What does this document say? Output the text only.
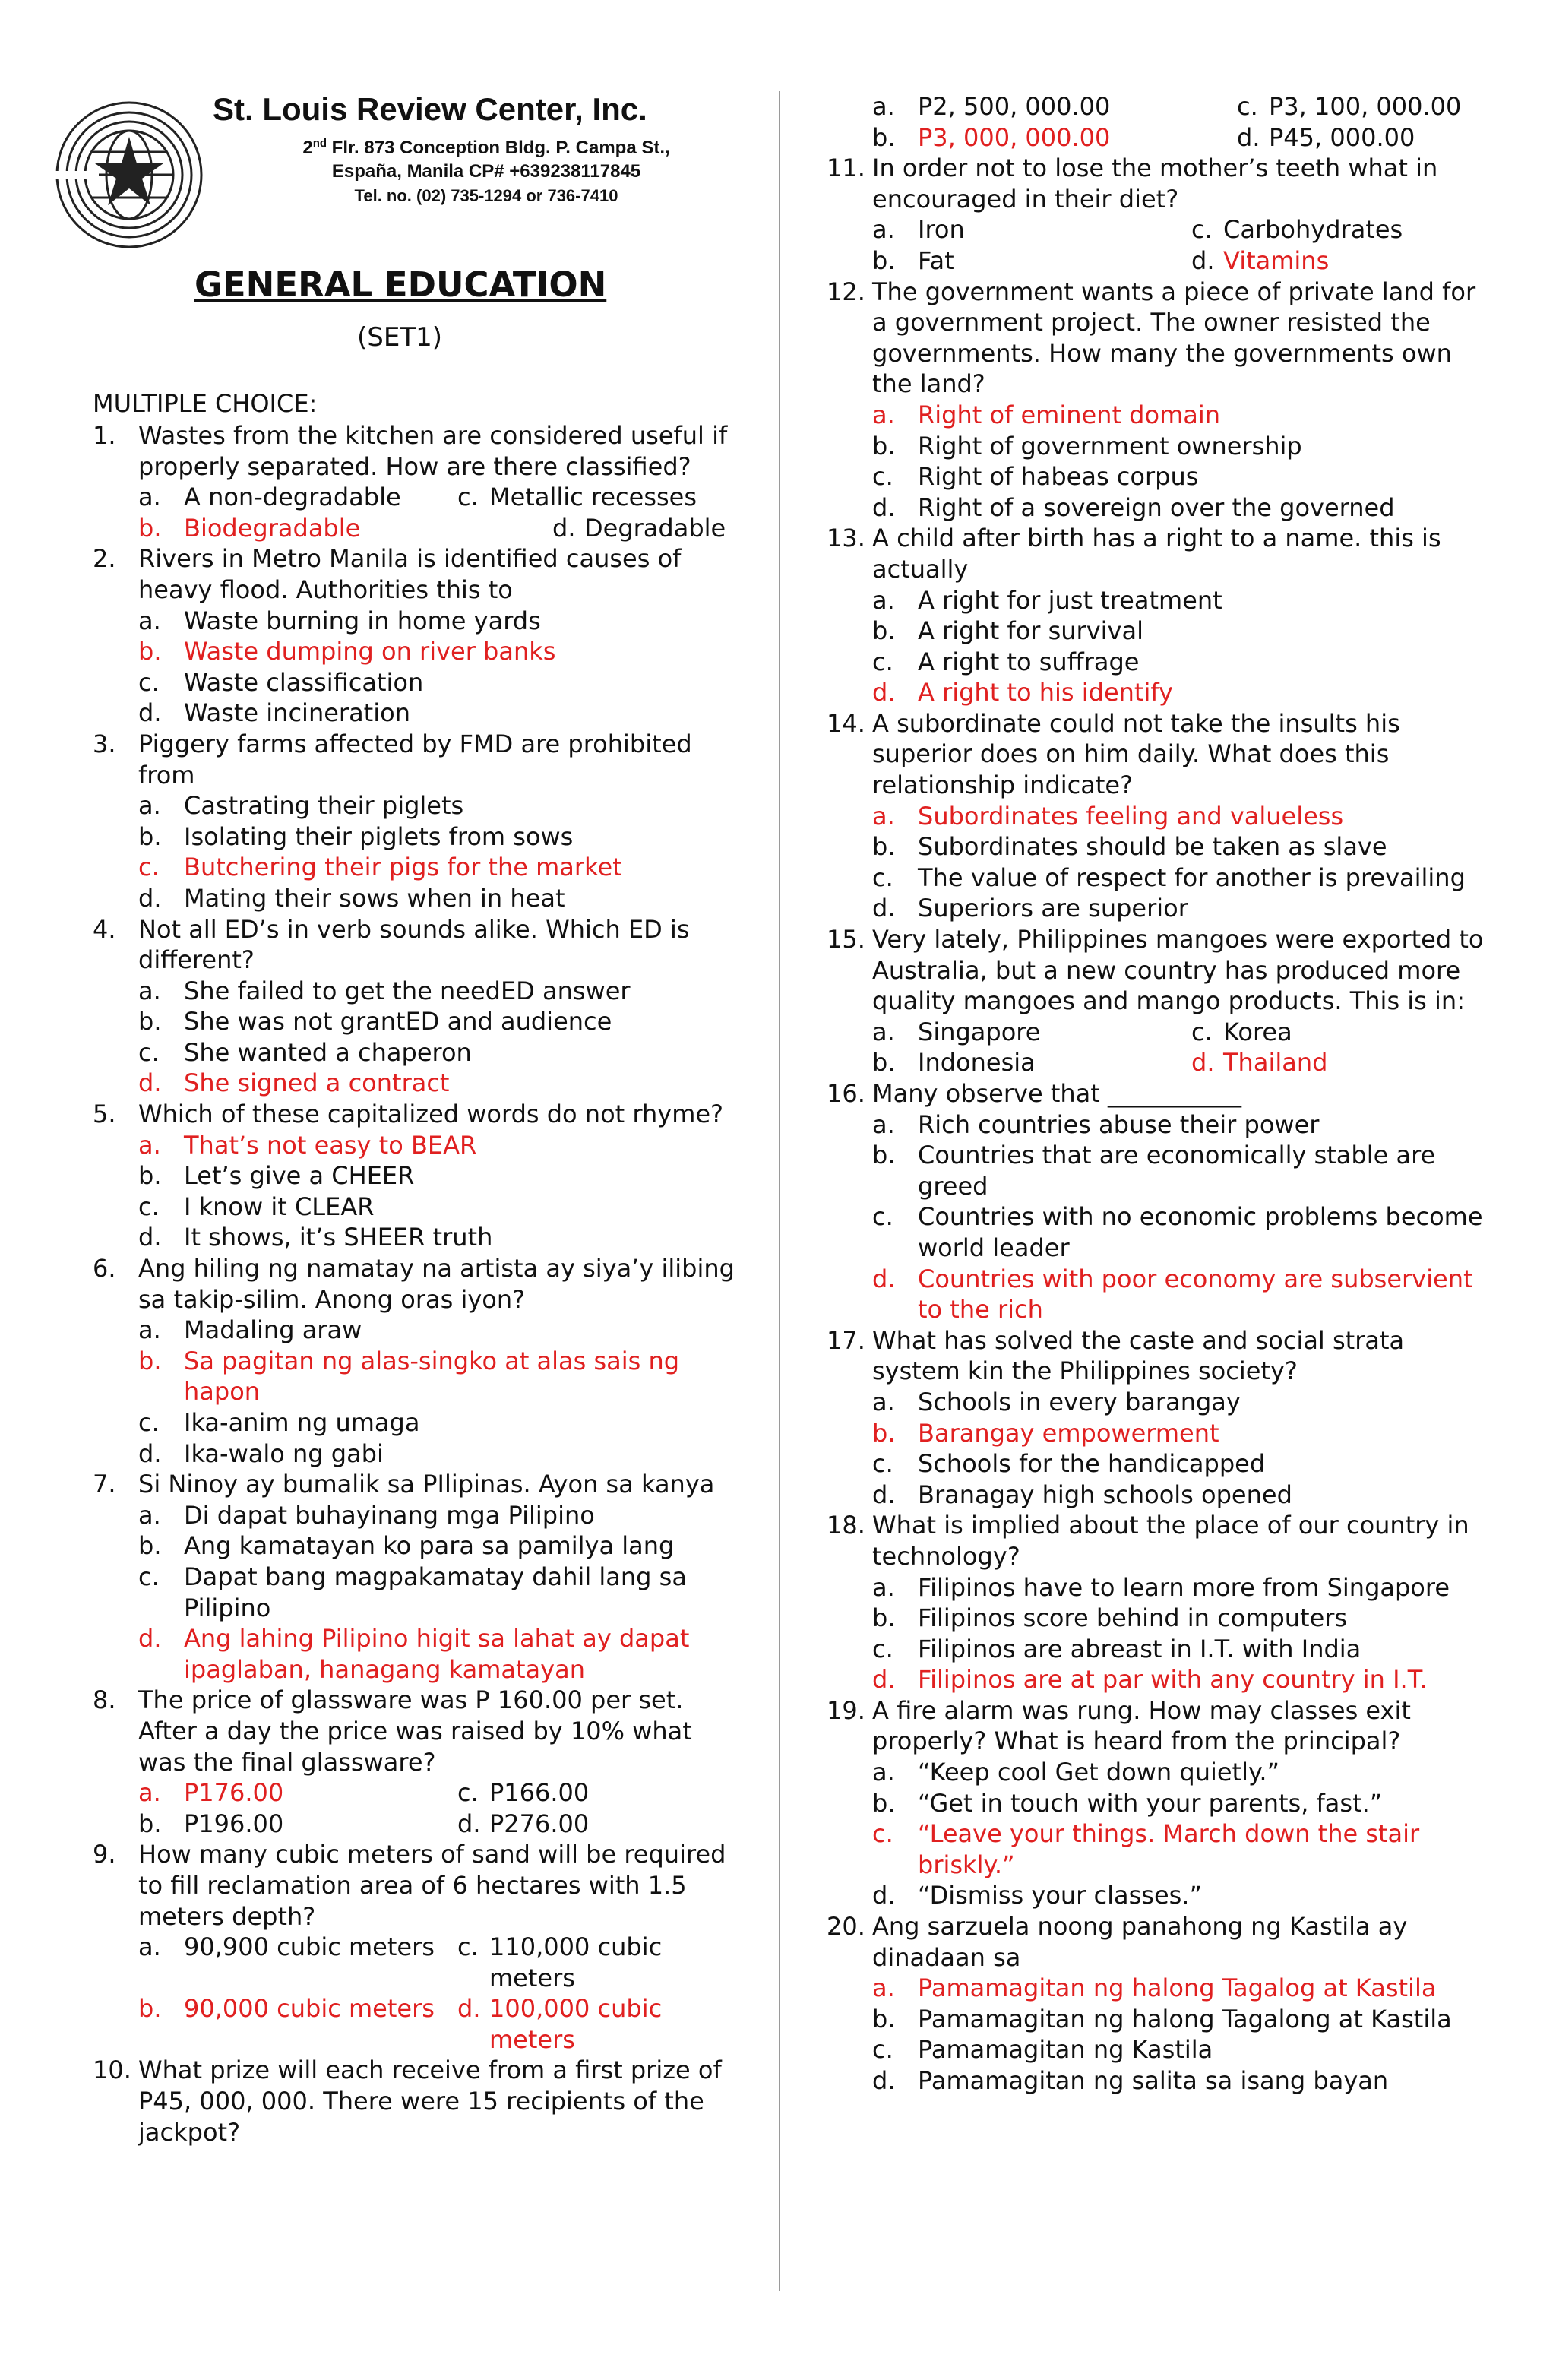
St. Louis Review Center, Inc.
2nd Flr. 873 Conception Bldg. P. Campa St.,
España, Manila CP# +639238117845
Tel. no. (02) 735-1294 or 736-7410
GENERAL EDUCATION
(SET1)
MULTIPLE CHOICE:
1. Wastes from the kitchen are considered useful if properly separated. How are there classified?
a. A non-degradable	c. Metallic recesses
b. Biodegradable	d. Degradable
2. Rivers in Metro Manila is identified causes of heavy flood. Authorities this to
a. Waste burning in home yards
b. Waste dumping on river banks
c.	Waste classification
d. Waste incineration
3. Piggery farms affected by FMD are prohibited from
a. Castrating their piglets
b. Isolating their piglets from sows
c.	Butchering their pigs for the market
d. Mating their sows when in heat
4. Not all ED’s in verb sounds alike. Which ED is different?
a. She failed to get the needED answer
b. She was not grantED and audience
c.	She wanted a chaperon
d. She signed a contract
5. Which of these capitalized words do not rhyme?
a. That’s not easy to BEAR
b. Let’s give a CHEER
c.	I know it CLEAR
d. It shows, it’s SHEER truth
6. Ang hiling ng namatay na artista ay siya’y ilibing sa takip-silim. Anong oras iyon?
a. Madaling araw
b. Sa pagitan ng alas-singko at alas sais ng hapon
c.	Ika-anim ng umaga
d. Ika-walo ng gabi
7. Si Ninoy ay bumalik sa PIlipinas. Ayon sa kanya
a. Di dapat buhayinang mga Pilipino
b. Ang kamatayan ko para sa pamilya lang
c.	Dapat bang magpakamatay dahil lang sa Pilipino
d. Ang lahing Pilipino higit sa lahat ay dapat ipaglaban, hanagang kamatayan
8. The price of glassware was P 160.00 per set. After a day the price was raised by 10% what was the final glassware?
a. P176.00	c. P166.00
b. P196.00	d. P276.00
9. How many cubic meters of sand will be required to fill reclamation area of 6 hectares with 1.5 meters depth?
a. 90,900 cubic meters c. 110,000 cubic meters
b. 90,000 cubic meters d. 100,000 cubic meters
10. What prize will each receive from a first prize of P45, 000, 000. There were 15 recipients of the jackpot?
a. P2, 500, 000.00	c. P3, 100, 000.00
b. P3, 000, 000.00	d. P45, 000.00
11. In order not to lose the mother’s teeth what in encouraged in their diet?
a. Iron	c. Carbohydrates
b. Fat	d. Vitamins
12. The government wants a piece of private land for a government project. The owner resisted the governments. How many the governments own the land?
a. Right of eminent domain
b. Right of government ownership
c.	Right of habeas corpus
d. Right of a sovereign over the governed
13. A child after birth has a right to a name. this is actually
a. A right for just treatment
b. A right for survival
c.	A right to suffrage
d. A right to his identify
14. A subordinate could not take the insults his superior does on him daily. What does this relationship indicate?
a. Subordinates feeling and valueless
b. Subordinates should be taken as slave
c.	The value of respect for another is prevailing
d. Superiors are superior
15. Very lately, Philippines mangoes were exported to Australia, but a new country has produced more quality mangoes and mango products. This is in:
a. Singapore	c. Korea
b. Indonesia	d. Thailand
16. Many observe that ___________
a. Rich countries abuse their power
b. Countries that are economically stable are greed
c.	Countries with no economic problems become world leader
d. Countries with poor economy are subservient to the rich
17. What has solved the caste and social strata system kin the Philippines society?
a. Schools in every barangay
b. Barangay empowerment
c.	Schools for the handicapped
d. Branagay high schools opened
18. What is implied about the place of our country in technology?
a. Filipinos have to learn more from Singapore
b. Filipinos score behind in computers
c.	Filipinos are abreast in I.T. with India
d. Filipinos are at par with any country in I.T.
19. A fire alarm was rung. How may classes exit properly? What is heard from the principal?
a. “Keep cool Get down quietly.”
b. “Get in touch with your parents, fast.”
c.	“Leave your things. March down the stair briskly.”
d. “Dismiss your classes.”
20. Ang sarzuela noong panahong ng Kastila ay dinadaan sa
a. Pamamagitan ng halong Tagalog at Kastila
b. Pamamagitan ng halong Tagalong at Kastila
c.	Pamamagitan ng Kastila
d. Pamamagitan ng salita sa isang bayan
